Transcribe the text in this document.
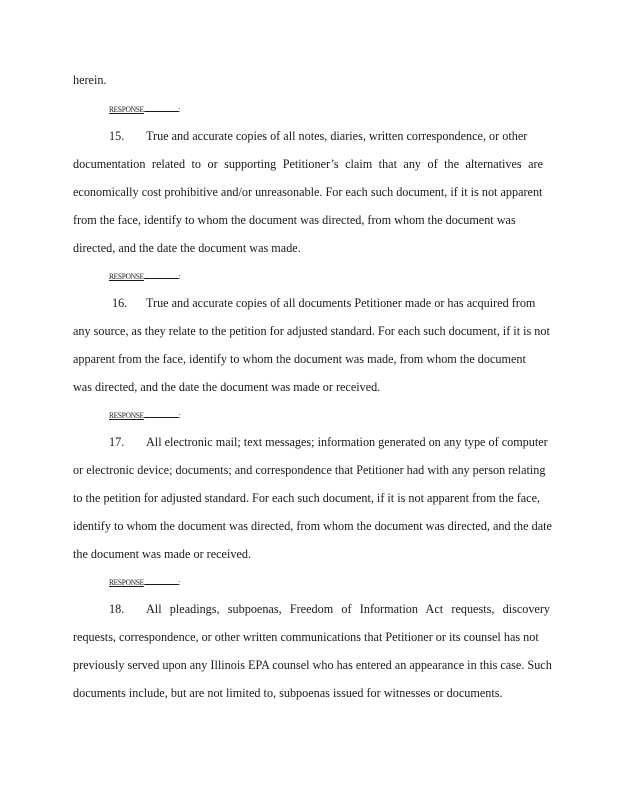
herein.
RESPONSE	:
15. True and accurate copies of all notes, diaries, written correspondence, or other
documentation related to or supporting Petitioner’s claim that any of the alternatives are
economically cost prohibitive and/or unreasonable. For each such document, if it is not apparent
from the face, identify to whom the document was directed, from whom the document was
directed, and the date the document was made.
RESPONSE	:
16. True and accurate copies of all documents Petitioner made or has acquired from
any source, as they relate to the petition for adjusted standard. For each such document, if it is not
apparent from the face, identify to whom the document was made, from whom the document
was directed, and the date the document was made or received.
RESPONSE	:
17. All electronic mail; text messages; information generated on any type of computer
or electronic device; documents; and correspondence that Petitioner had with any person relating
to the petition for adjusted standard. For each such document, if it is not apparent from the face,
identify to whom the document was directed, from whom the document was directed, and the date
the document was made or received.
RESPONSE	:
18. All pleadings, subpoenas, Freedom of Information Act requests, discovery
requests, correspondence, or other written communications that Petitioner or its counsel has not
previously served upon any Illinois EPA counsel who has entered an appearance in this case. Such
documents include, but are not limited to, subpoenas issued for witnesses or documents.
